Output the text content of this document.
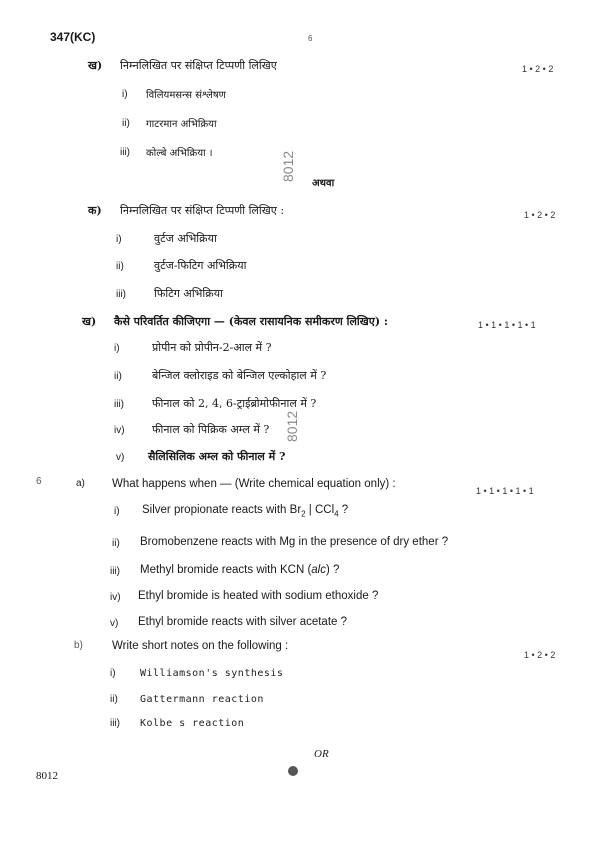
347(KC)	6
8012
8012
ख) निम्नलिखित पर संक्षिप्त टिप्पणी लिखिए	1 • 2 • 2
i) विलियमसन्स संश्लेषण
ii) गाटरमान अभिक्रिया
iii) कोल्बे अभिक्रिया ।
अथवा
क) निम्नलिखित पर संक्षिप्त टिप्पणी लिखिए :	1 • 2 • 2
i)	वुर्टज अभिक्रिया
ii)	वुर्टज-फिटिग अभिक्रिया
iii)	फिटिग अभिक्रिया
ख) कैसे परिवर्तित कीजिएगा — (केवल रासायनिक समीकरण लिखिए) :	1 • 1 • 1 • 1 • 1
i)	प्रोपीन को प्रोपीन-2-आल में ?
ii)	बेन्जिल क्लोराइड को बेन्जिल एल्कोहाल में ?
iii)	फीनाल को 2, 4, 6-ट्राईब्रोमोफीनाल में ?
iv) फीनाल को पिक्रिक अम्ल में ?
v) सैलिसिलिक अम्ल को फीनाल में ?
6	a) What happens when — (Write chemical equation only) :
1 • 1 • 1 • 1 • 1
i) Silver propionate reacts with $Br_2$ | CCl$_4$ ?
ii) Bromobenzene reacts with Mg in the presence of dry ether ?
iii) Methyl bromide reacts with KCN (alc) ?
iv) Ethyl bromide is heated with sodium ethoxide ?
v) Ethyl bromide reacts with silver acetate ?
b)	Write short notes on the following :
1 • 2 • 2
i) Williamson's synthesis
ii) Gattermann reaction
iii) Kolbe s reaction
OR
8012
